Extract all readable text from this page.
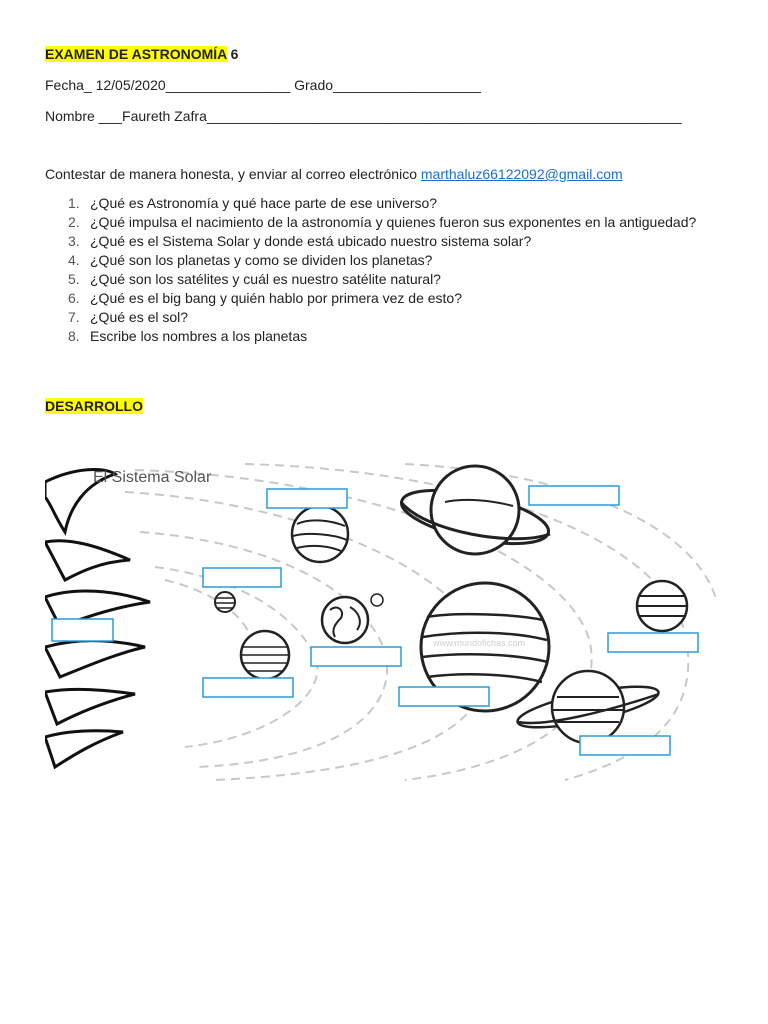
EXAMEN DE ASTRONOMÍA 6
Fecha_ 12/05/2020________________ Grado___________________
Nombre ___Faureth Zafra_____________________________________________________________
Contestar de manera honesta, y enviar al correo electrónico marthaluz66122092@gmail.com
1. ¿Qué es Astronomía y qué hace parte de ese universo?
2. ¿Qué impulsa el nacimiento de la astronomía y quienes fueron sus exponentes en la antiguedad?
3. ¿Qué es el Sistema Solar y donde está ubicado nuestro sistema solar?
4. ¿Qué son los planetas y como se dividen los planetas?
5. ¿Qué son los satélites y cuál es nuestro satélite natural?
6. ¿Qué es el big bang y quién hablo por primera vez de esto?
7. ¿Qué es el sol?
8. Escribe los nombres a los planetas
DESARROLLO
El Sistema Solar
www.mundofichas.com
